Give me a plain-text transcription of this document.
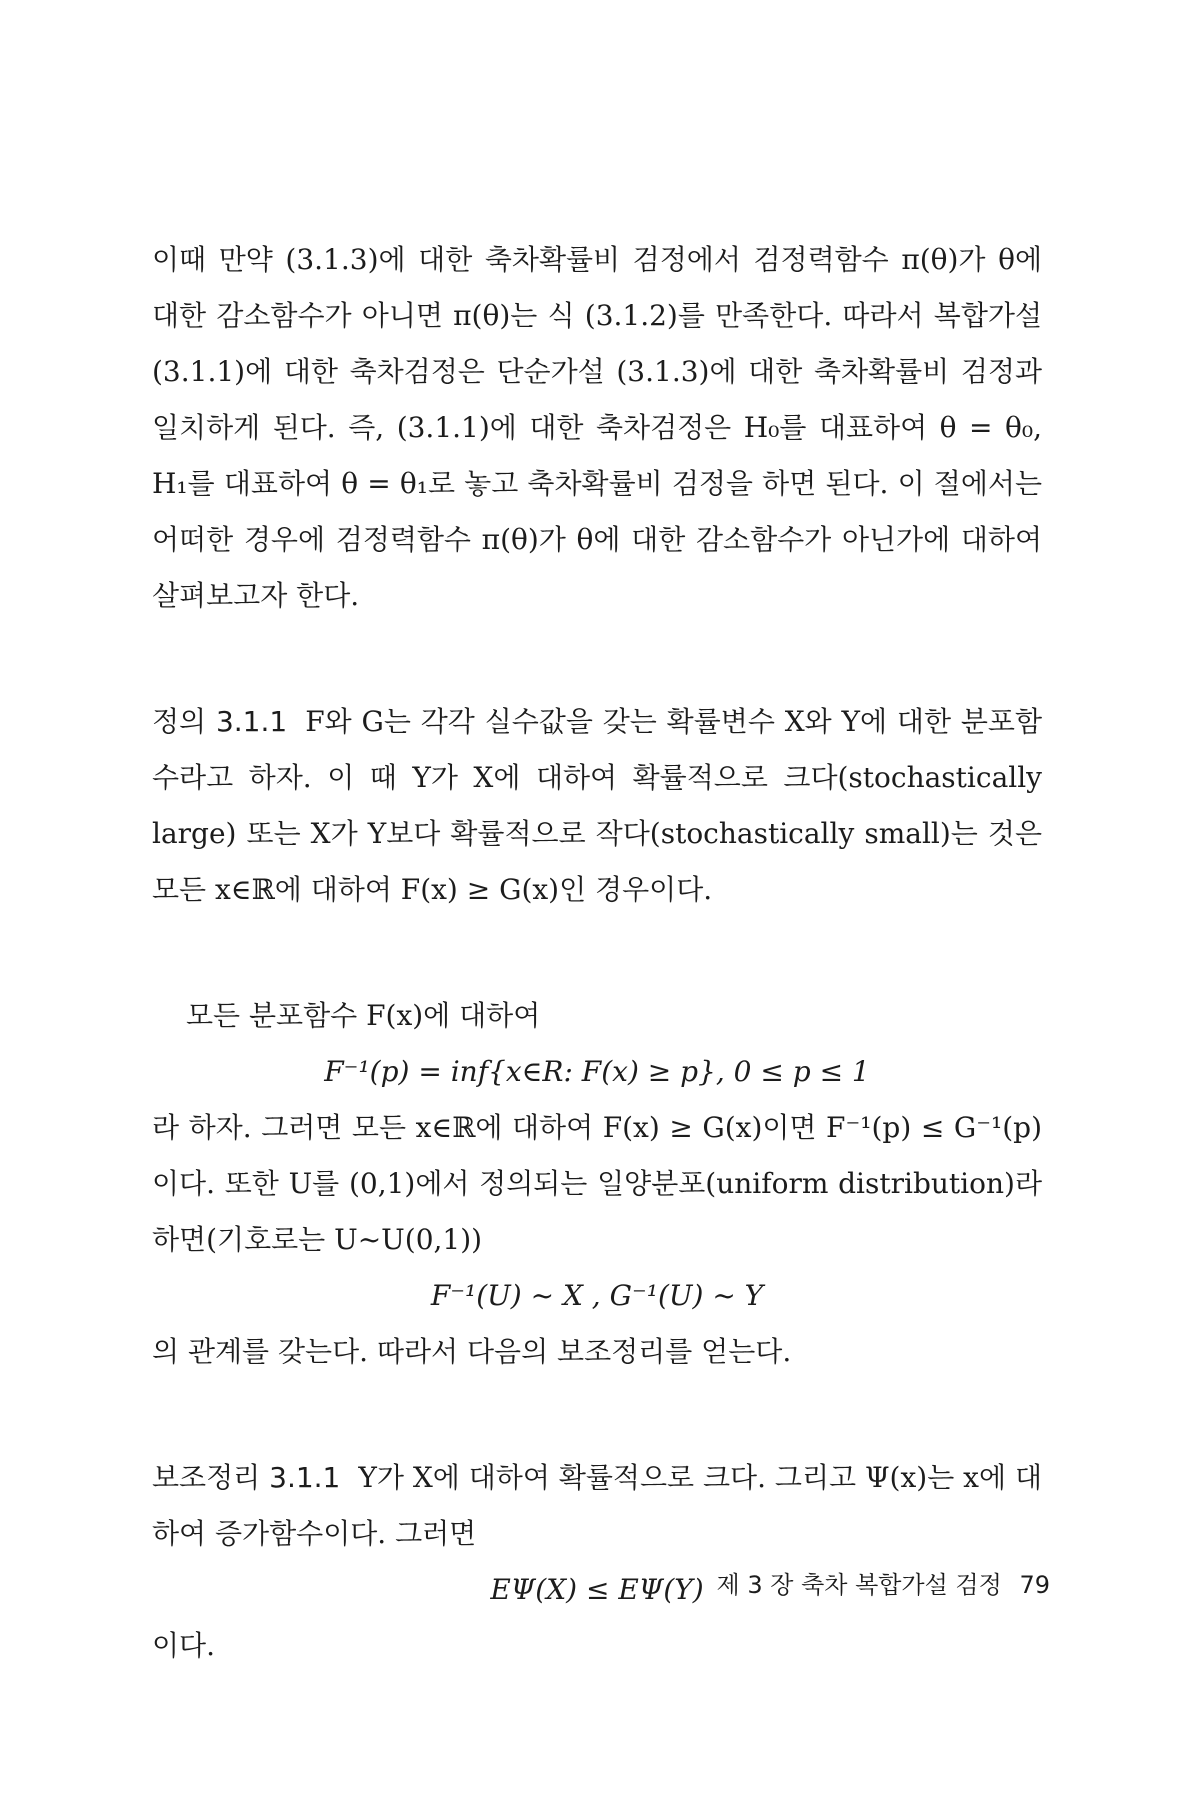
이때 만약 (3.1.3)에 대한 축차확률비 검정에서 검정력함수 π(θ)가 θ에 대한 감소함수가 아니면 π(θ)는 식 (3.1.2)를 만족한다. 따라서 복합가설 (3.1.1)에 대한 축차검정은 단순가설 (3.1.3)에 대한 축차확률비 검정과 일치하게 된다. 즉, (3.1.1)에 대한 축차검정은 H₀를 대표하여 θ = θ₀, H₁를 대표하여 θ = θ₁로 놓고 축차확률비 검정을 하면 된다. 이 절에서는 어떠한 경우에 검정력함수 π(θ)가 θ에 대한 감소함수가 아닌가에 대하여 살펴보고자 한다.

정의 3.1.1 F와 G는 각각 실수값을 갖는 확률변수 X와 Y에 대한 분포함수라고 하자. 이 때 Y가 X에 대하여 확률적으로 크다(stochastically large) 또는 X가 Y보다 확률적으로 작다(stochastically small)는 것은 모든 x∈ℝ에 대하여 F(x) ≥ G(x)인 경우이다.

모든 분포함수 F(x)에 대하여

F⁻¹(p) = inf{x∈R: F(x) ≥ p}, 0 ≤ p ≤ 1

라 하자. 그러면 모든 x∈ℝ에 대하여 F(x) ≥ G(x)이면 F⁻¹(p) ≤ G⁻¹(p)이다. 또한 U를 (0,1)에서 정의되는 일양분포(uniform distribution)라 하면(기호로는 U~U(0,1))

F⁻¹(U) ~ X , G⁻¹(U) ~ Y

의 관계를 갖는다. 따라서 다음의 보조정리를 얻는다.

보조정리 3.1.1 Y가 X에 대하여 확률적으로 크다. 그리고 Ψ(x)는 x에 대하여 증가함수이다. 그러면

EΨ(X) ≤ EΨ(Y)

이다.

제 3 장 축차 복합가설 검정 79
